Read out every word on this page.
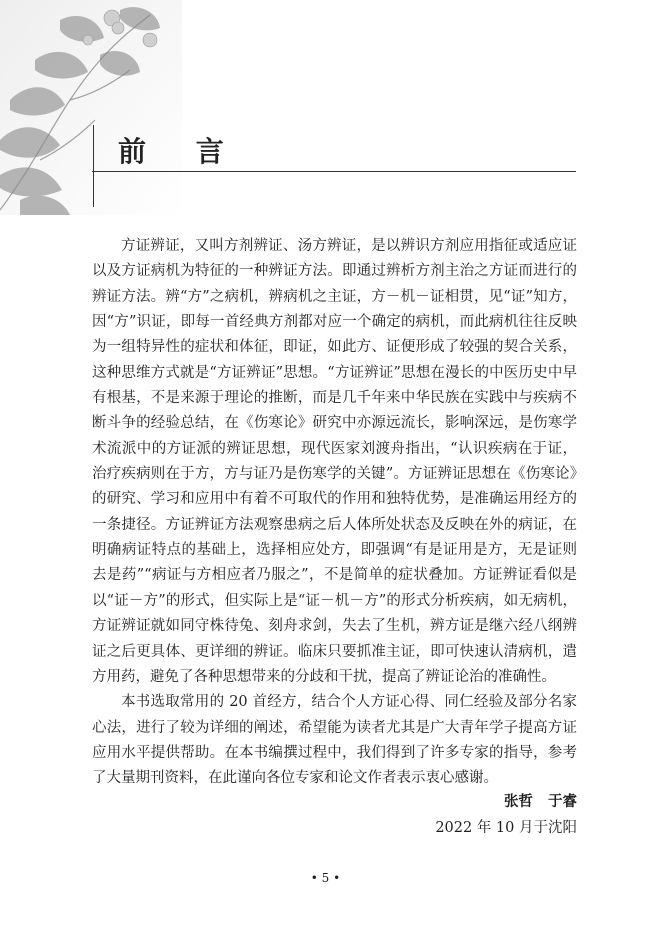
前 言

方证辨证，又叫方剂辨证、汤方辨证，是以辨识方剂应用指征或适应证以及方证病机为特征的一种辨证方法。即通过辨析方剂主治之方证而进行的辨证方法。辨“方”之病机，辨病机之主证，方－机－证相贯，见“证”知方，因“方”识证，即每一首经典方剂都对应一个确定的病机，而此病机往往反映为一组特异性的症状和体征，即证，如此方、证便形成了较强的契合关系，这种思维方式就是“方证辨证”思想。“方证辨证”思想在漫长的中医历史中早有根基，不是来源于理论的推断，而是几千年来中华民族在实践中与疾病不断斗争的经验总结，在《伤寒论》研究中亦源远流长，影响深远，是伤寒学术流派中的方证派的辨证思想，现代医家刘渡舟指出，“认识疾病在于证，治疗疾病则在于方，方与证乃是伤寒学的关键”。方证辨证思想在《伤寒论》的研究、学习和应用中有着不可取代的作用和独特优势，是准确运用经方的一条捷径。方证辨证方法观察患病之后人体所处状态及反映在外的病证，在明确病证特点的基础上，选择相应处方，即强调“有是证用是方，无是证则去是药”“病证与方相应者乃服之”，不是简单的症状叠加。方证辨证看似是以“证－方”的形式，但实际上是“证－机－方”的形式分析疾病，如无病机，方证辨证就如同守株待兔、刻舟求剑，失去了生机，辨方证是继六经八纲辨证之后更具体、更详细的辨证。临床只要抓准主证，即可快速认清病机，遣方用药，避免了各种思想带来的分歧和干扰，提高了辨证论治的准确性。

本书选取常用的 20 首经方，结合个人方证心得、同仁经验及部分名家心法，进行了较为详细的阐述，希望能为读者尤其是广大青年学子提高方证应用水平提供帮助。在本书编撰过程中，我们得到了许多专家的指导，参考了大量期刊资料，在此谨向各位专家和论文作者表示衷心感谢。

张哲 于睿
2022 年 10 月于沈阳
• 5 •
